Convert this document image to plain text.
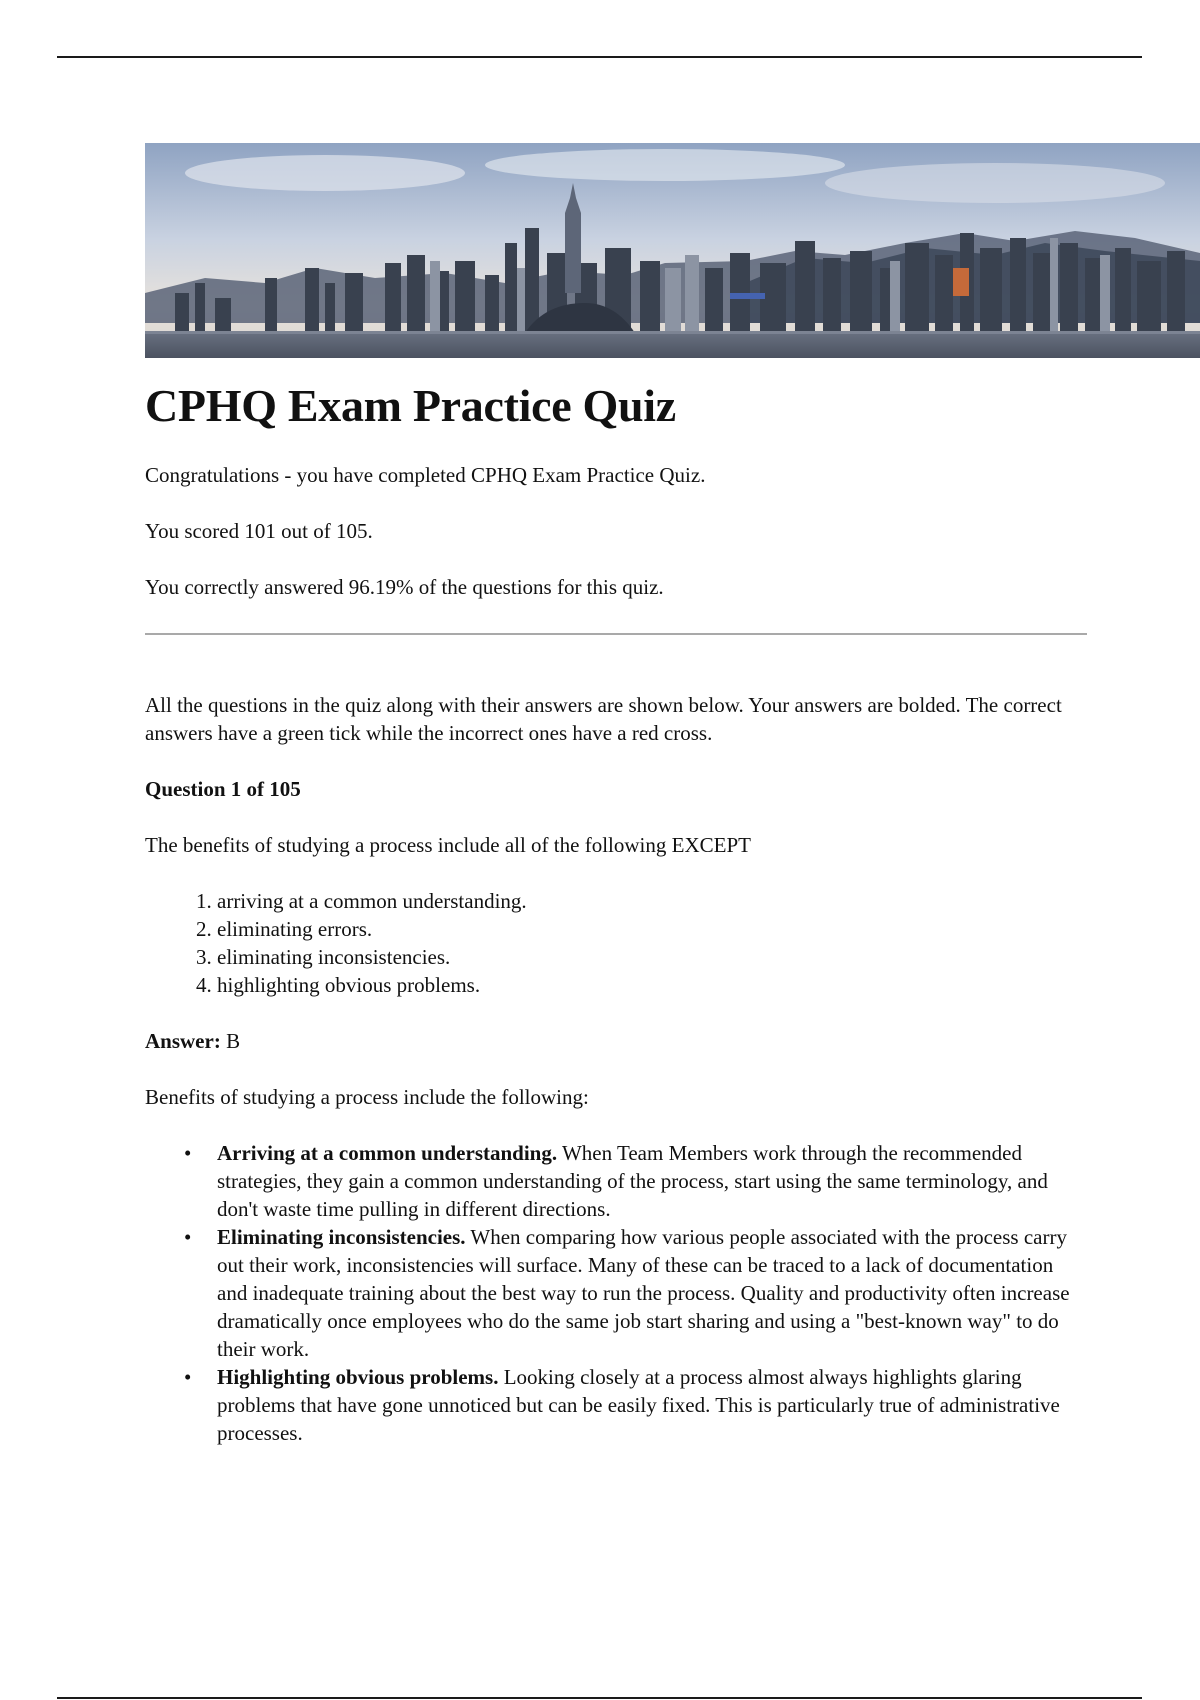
CPHQ Exam Practice Quiz

Congratulations - you have completed CPHQ Exam Practice Quiz.

You scored 101 out of 105.

You correctly answered 96.19% of the questions for this quiz.

All the questions in the quiz along with their answers are shown below. Your answers are bolded. The correct answers have a green tick while the incorrect ones have a red cross.

Question 1 of 105

The benefits of studying a process include all of the following EXCEPT

1. arriving at a common understanding.
2. eliminating errors.
3. eliminating inconsistencies.
4. highlighting obvious problems.

Answer: B

Benefits of studying a process include the following:

• Arriving at a common understanding. When Team Members work through the recommended strategies, they gain a common understanding of the process, start using the same terminology, and don't waste time pulling in different directions.
• Eliminating inconsistencies. When comparing how various people associated with the process carry out their work, inconsistencies will surface. Many of these can be traced to a lack of documentation and inadequate training about the best way to run the process. Quality and productivity often increase dramatically once employees who do the same job start sharing and using a "best-known way" to do their work.
• Highlighting obvious problems. Looking closely at a process almost always highlights glaring problems that have gone unnoticed but can be easily fixed. This is particularly true of administrative processes.
